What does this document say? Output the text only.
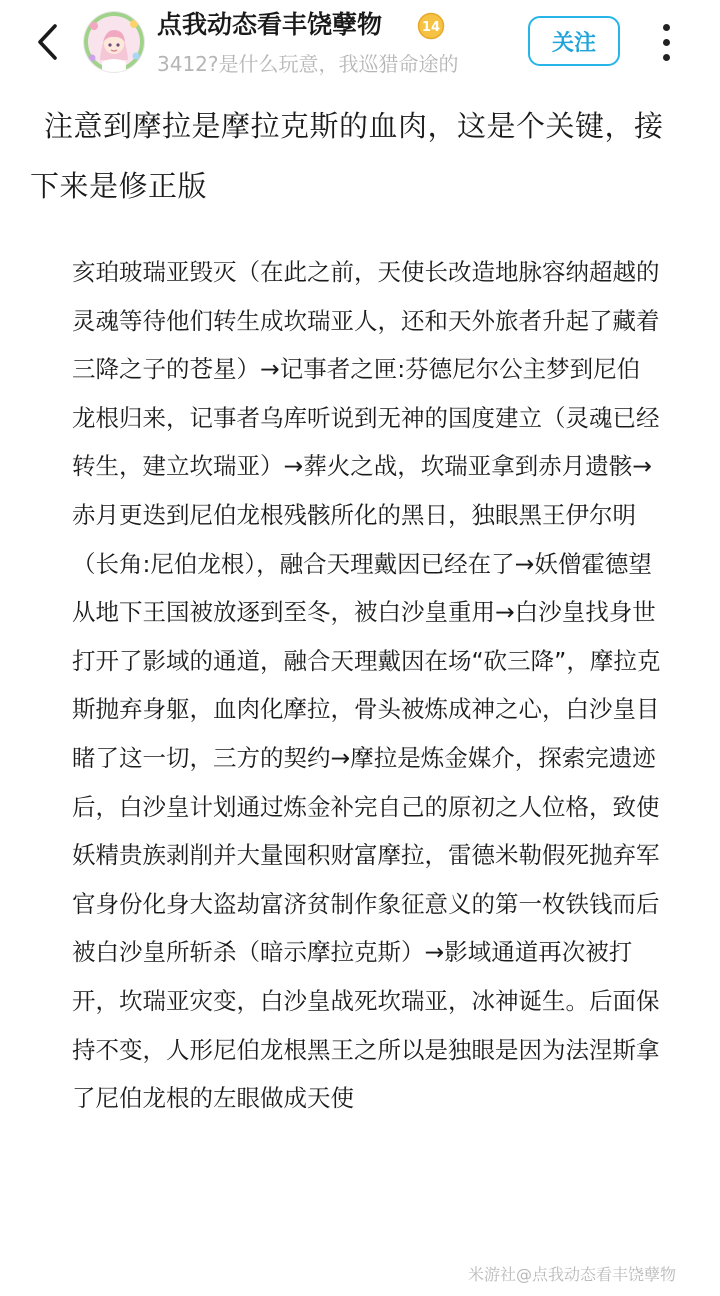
点我动态看丰饶孽物	14
3412?是什么玩意，我巡猎命途的
关注
注意到摩拉是摩拉克斯的血肉，这是个关键，接下来是修正版
亥珀玻瑞亚毁灭（在此之前，天使长改造地脉容纳超越的灵魂等待他们转生成坎瑞亚人，还和天外旅者升起了藏着三降之子的苍星）→记事者之匣:芬德尼尔公主梦到尼伯龙根归来，记事者乌库听说到无神的国度建立（灵魂已经转生，建立坎瑞亚）→葬火之战，坎瑞亚拿到赤月遗骸→赤月更迭到尼伯龙根残骸所化的黑日，独眼黑王伊尔明（长角:尼伯龙根），融合天理戴因已经在了→妖僧霍德望从地下王国被放逐到至冬，被白沙皇重用→白沙皇找身世打开了影域的通道，融合天理戴因在场“砍三降”，摩拉克斯抛弃身躯，血肉化摩拉，骨头被炼成神之心，白沙皇目睹了这一切，三方的契约→摩拉是炼金媒介，探索完遗迹后，白沙皇计划通过炼金补完自己的原初之人位格，致使妖精贵族剥削并大量囤积财富摩拉，雷德米勒假死抛弃军官身份化身大盗劫富济贫制作象征意义的第一枚铁钱而后被白沙皇所斩杀（暗示摩拉克斯）→影域通道再次被打开，坎瑞亚灾变，白沙皇战死坎瑞亚，冰神诞生。后面保持不变，人形尼伯龙根黑王之所以是独眼是因为法涅斯拿了尼伯龙根的左眼做成天使
米游社@点我动态看丰饶孽物
